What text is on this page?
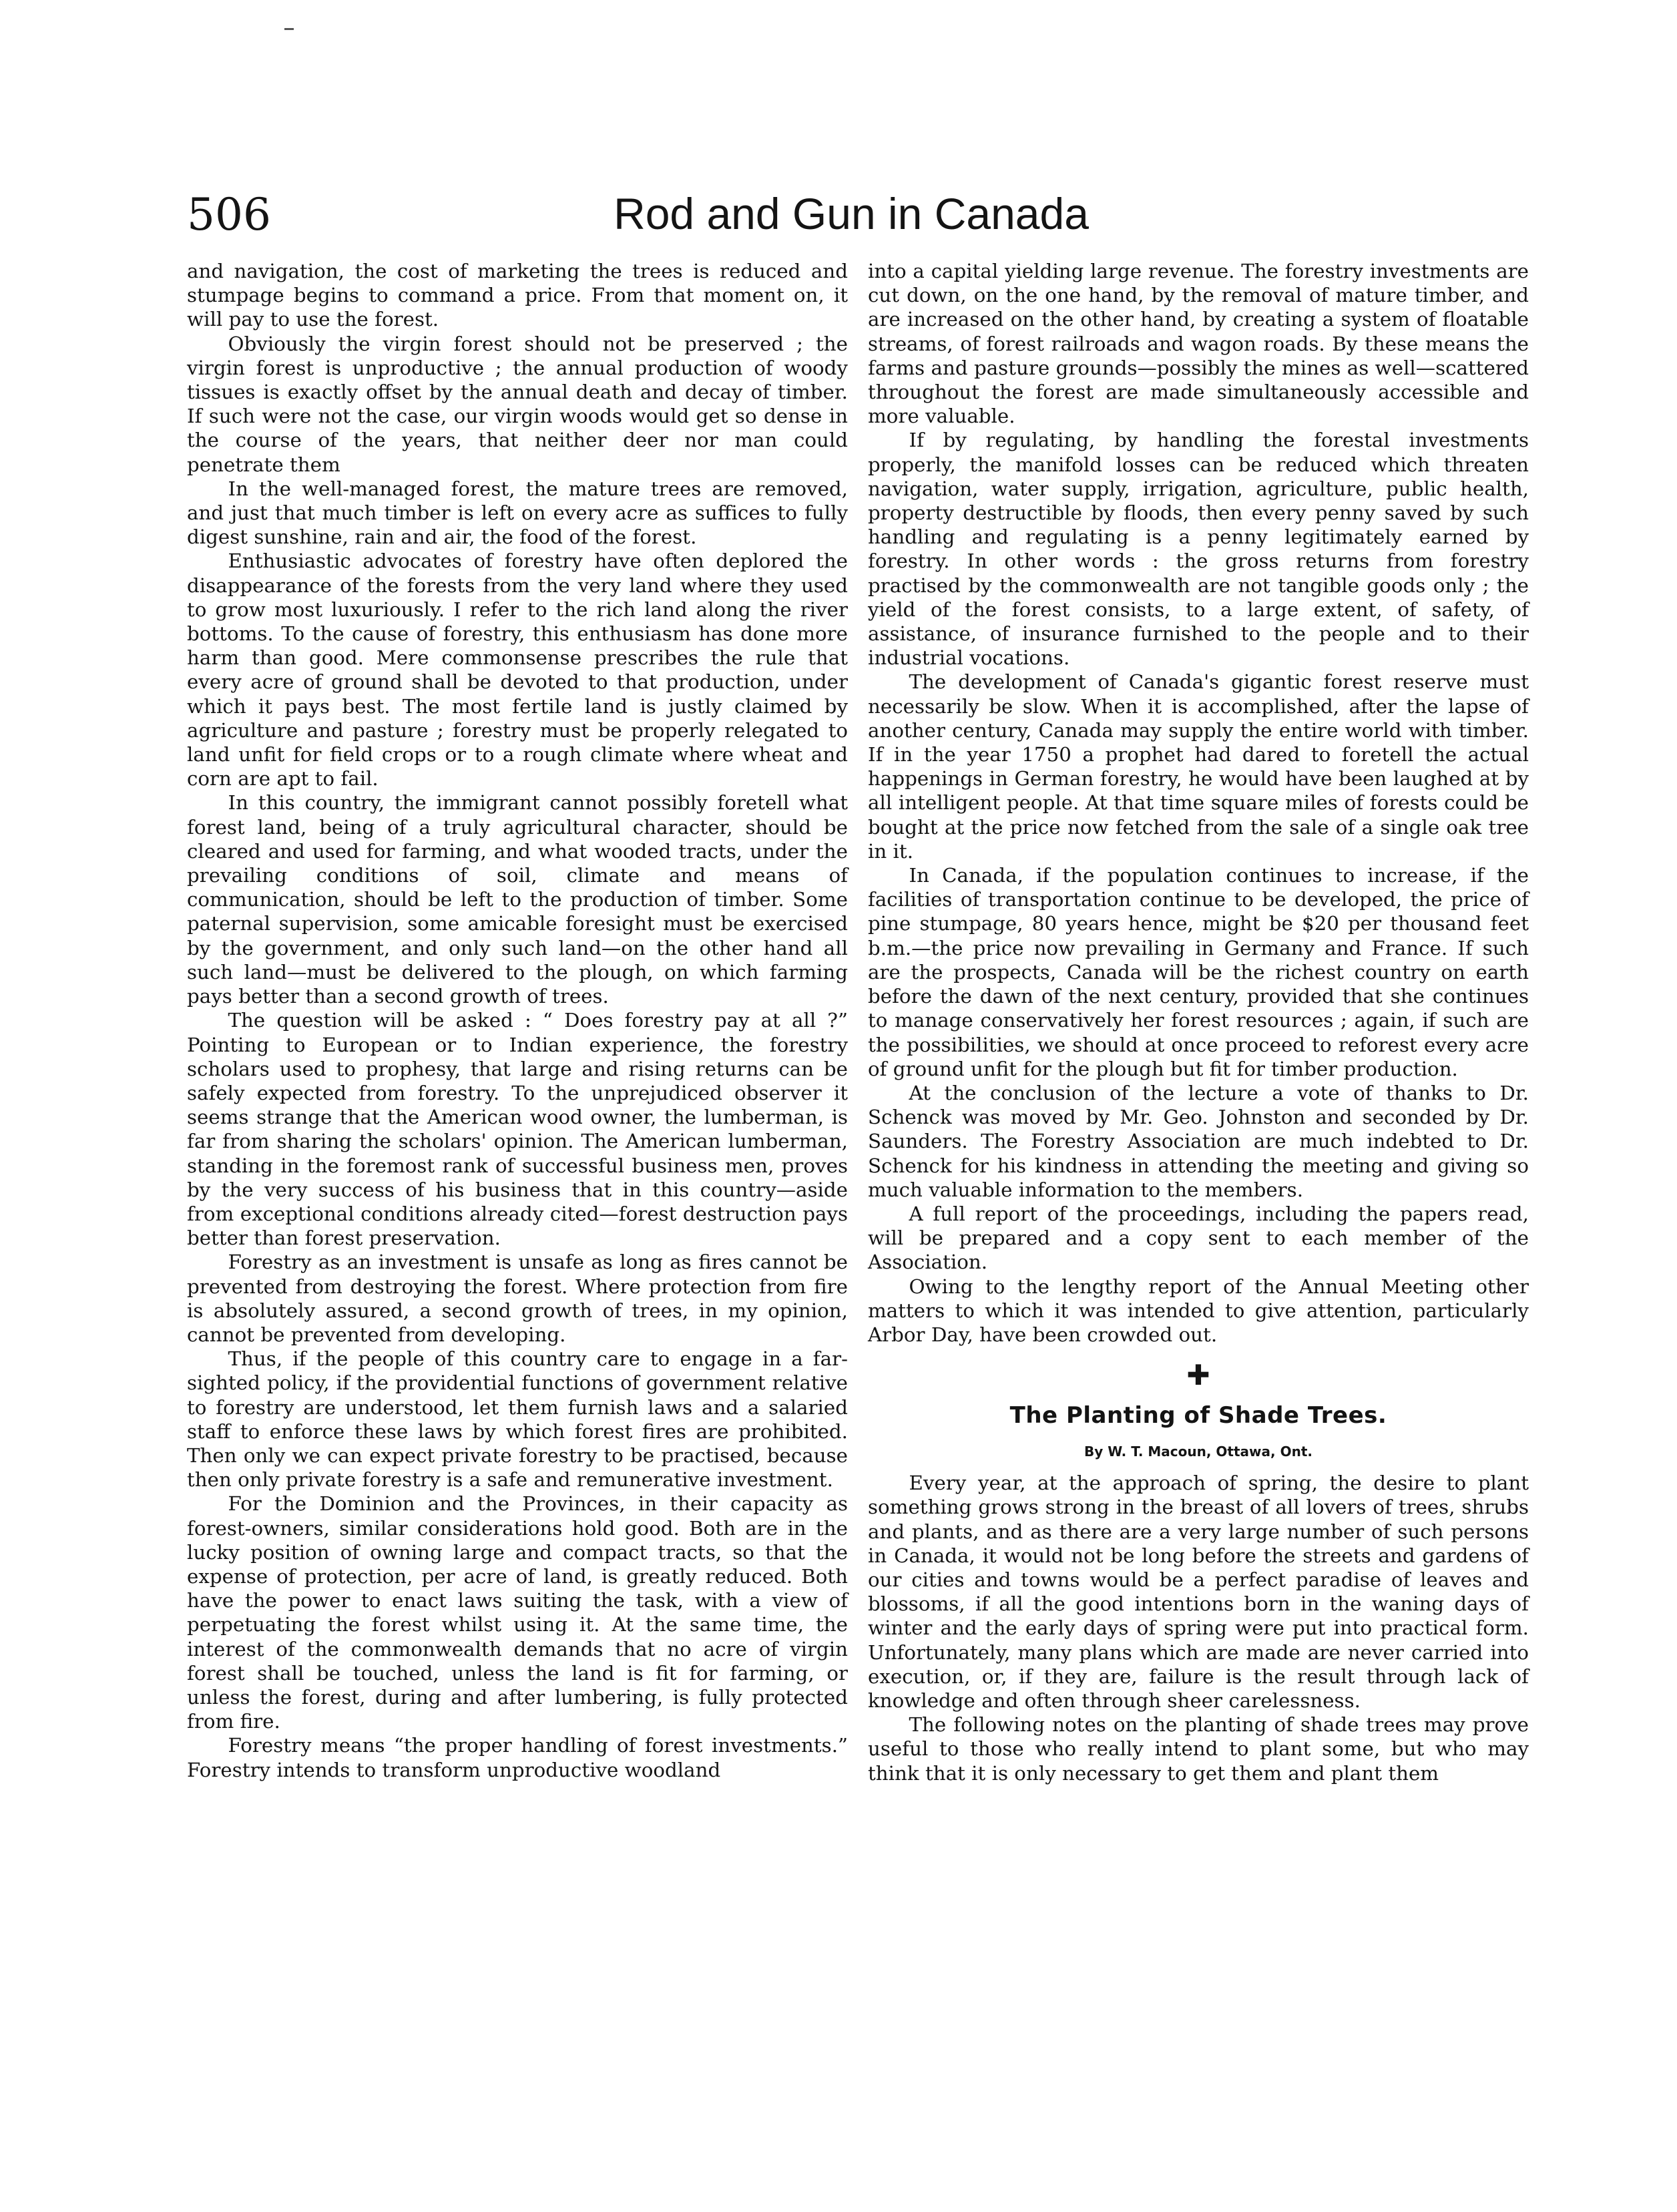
506	Rod and Gun in Canada

and navigation, the cost of marketing the trees is reduced and stumpage begins to command a price. From that moment on, it will pay to use the forest.

Obviously the virgin forest should not be preserved ; the virgin forest is unproductive ; the annual production of woody tissues is exactly offset by the annual death and decay of timber. If such were not the case, our virgin woods would get so dense in the course of the years, that neither deer nor man could penetrate them

In the well-managed forest, the mature trees are removed, and just that much timber is left on every acre as suffices to fully digest sunshine, rain and air, the food of the forest.

Enthusiastic advocates of forestry have often deplored the disappearance of the forests from the very land where they used to grow most luxuriously. I refer to the rich land along the river bottoms. To the cause of forestry, this enthusiasm has done more harm than good. Mere commonsense prescribes the rule that every acre of ground shall be devoted to that production, under which it pays best. The most fertile land is justly claimed by agriculture and pasture ; forestry must be properly relegated to land unfit for field crops or to a rough climate where wheat and corn are apt to fail.

In this country, the immigrant cannot possibly foretell what forest land, being of a truly agricultural character, should be cleared and used for farming, and what wooded tracts, under the prevailing conditions of soil, climate and means of communication, should be left to the production of timber. Some paternal supervision, some amicable foresight must be exercised by the government, and only such land—on the other hand all such land—must be delivered to the plough, on which farming pays better than a second growth of trees.

The question will be asked : “ Does forestry pay at all ?” Pointing to European or to Indian experience, the forestry scholars used to prophesy, that large and rising returns can be safely expected from forestry. To the unprejudiced observer it seems strange that the American wood owner, the lumberman, is far from sharing the scholars' opinion. The American lumberman, standing in the foremost rank of successful business men, proves by the very success of his business that in this country—aside from exceptional conditions already cited—forest destruction pays better than forest preservation.

Forestry as an investment is unsafe as long as fires cannot be prevented from destroying the forest. Where protection from fire is absolutely assured, a second growth of trees, in my opinion, cannot be prevented from developing.

Thus, if the people of this country care to engage in a far-sighted policy, if the providential functions of government relative to forestry are understood, let them furnish laws and a salaried staff to enforce these laws by which forest fires are prohibited. Then only we can expect private forestry to be practised, because then only private forestry is a safe and remunerative investment.

For the Dominion and the Provinces, in their capacity as forest-owners, similar considerations hold good. Both are in the lucky position of owning large and compact tracts, so that the expense of protection, per acre of land, is greatly reduced. Both have the power to enact laws suiting the task, with a view of perpetuating the forest whilst using it. At the same time, the interest of the commonwealth demands that no acre of virgin forest shall be touched, unless the land is fit for farming, or unless the forest, during and after lumbering, is fully protected from fire.

Forestry means “the proper handling of forest investments.” Forestry intends to transform unproductive woodland

into a capital yielding large revenue. The forestry investments are cut down, on the one hand, by the removal of mature timber, and are increased on the other hand, by creating a system of floatable streams, of forest railroads and wagon roads. By these means the farms and pasture grounds—possibly the mines as well—scattered throughout the forest are made simultaneously accessible and more valuable.

If by regulating, by handling the forestal investments properly, the manifold losses can be reduced which threaten navigation, water supply, irrigation, agriculture, public health, property destructible by floods, then every penny saved by such handling and regulating is a penny legitimately earned by forestry. In other words : the gross returns from forestry practised by the commonwealth are not tangible goods only ; the yield of the forest consists, to a large extent, of safety, of assistance, of insurance furnished to the people and to their industrial vocations.

The development of Canada's gigantic forest reserve must necessarily be slow. When it is accomplished, after the lapse of another century, Canada may supply the entire world with timber. If in the year 1750 a prophet had dared to foretell the actual happenings in German forestry, he would have been laughed at by all intelligent people. At that time square miles of forests could be bought at the price now fetched from the sale of a single oak tree in it.

In Canada, if the population continues to increase, if the facilities of transportation continue to be developed, the price of pine stumpage, 80 years hence, might be $20 per thousand feet b.m.—the price now prevailing in Germany and France. If such are the prospects, Canada will be the richest country on earth before the dawn of the next century, provided that she continues to manage conservatively her forest resources ; again, if such are the possibilities, we should at once proceed to reforest every acre of ground unfit for the plough but fit for timber production.

At the conclusion of the lecture a vote of thanks to Dr. Schenck was moved by Mr. Geo. Johnston and seconded by Dr. Saunders. The Forestry Association are much indebted to Dr. Schenck for his kindness in attending the meeting and giving so much valuable information to the members.

A full report of the proceedings, including the papers read, will be prepared and a copy sent to each member of the Association.

Owing to the lengthy report of the Annual Meeting other matters to which it was intended to give attention, particularly Arbor Day, have been crowded out.

✚
The Planting of Shade Trees.
By W. T. Macoun, Ottawa, Ont.

Every year, at the approach of spring, the desire to plant something grows strong in the breast of all lovers of trees, shrubs and plants, and as there are a very large number of such persons in Canada, it would not be long before the streets and gardens of our cities and towns would be a perfect paradise of leaves and blossoms, if all the good intentions born in the waning days of winter and the early days of spring were put into practical form. Unfortunately, many plans which are made are never carried into execution, or, if they are, failure is the result through lack of knowledge and often through sheer carelessness.

The following notes on the planting of shade trees may prove useful to those who really intend to plant some, but who may think that it is only necessary to get them and plant them
